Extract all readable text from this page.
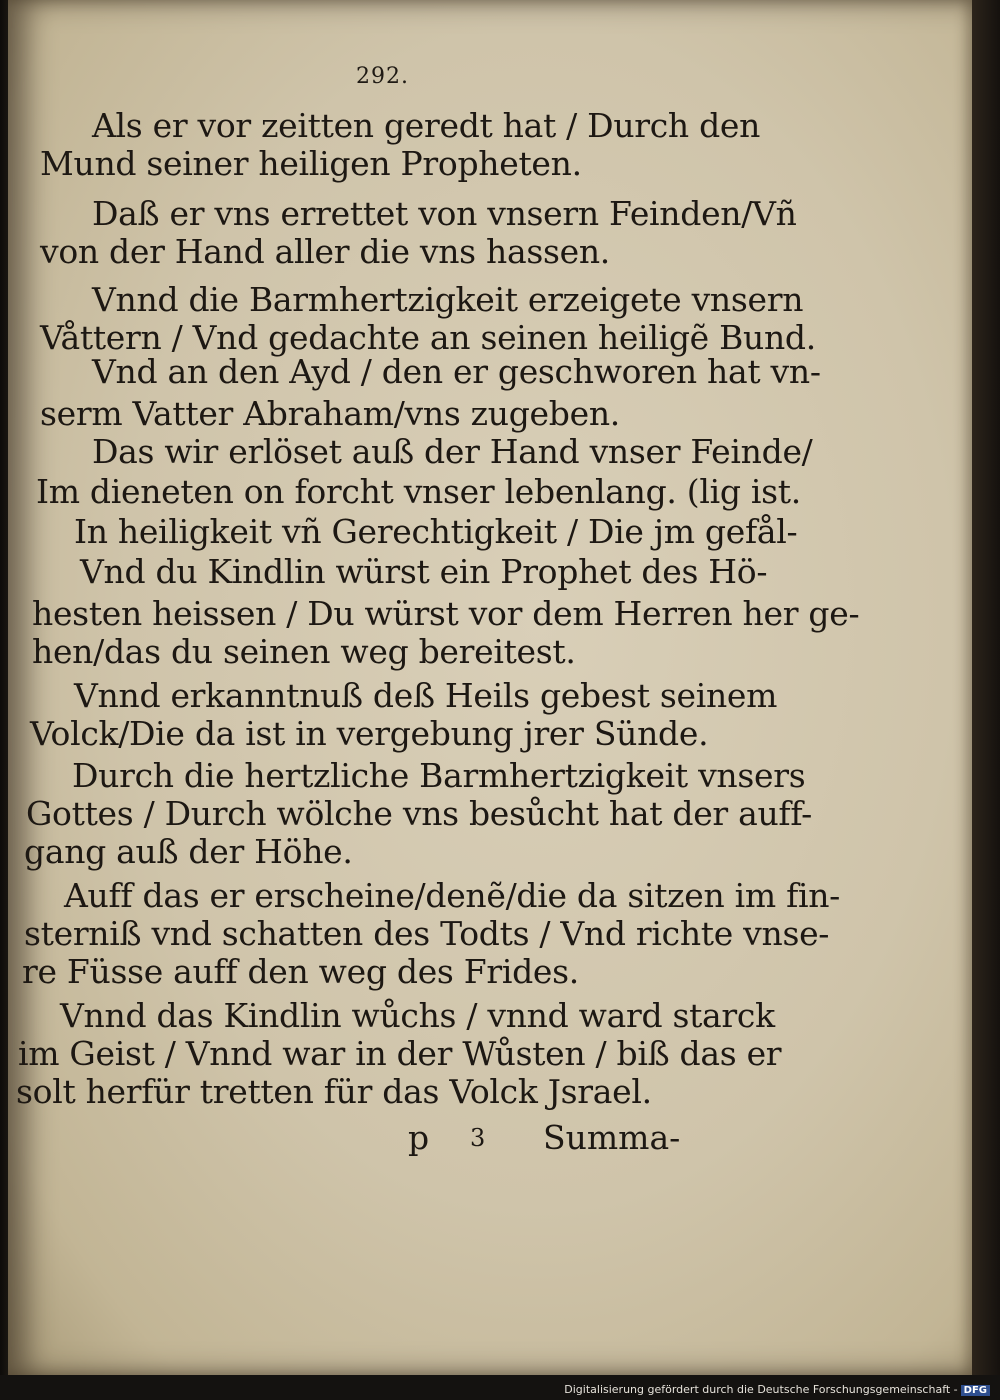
292.
Als er vor zeitten geredt hat / Durch den
Mund seiner heiligen Propheten.
Daß er vns errettet von vnsern Feinden/Vñ
von der Hand aller die vns hassen.
Vnnd die Barmhertzigkeit erzeigete vnsern
Våttern / Vnd gedachte an seinen heiligẽ Bund.
Vnd an den Ayd / den er geschworen hat vn-
serm Vatter Abraham/vns zugeben.
Das wir erlöset auß der Hand vnser Feinde/
Im dieneten on forcht vnser lebenlang. (lig ist.
In heiligkeit vñ Gerechtigkeit / Die jm gefål-
Vnd du Kindlin würst ein Prophet des Hö-
hesten heissen / Du würst vor dem Herren her ge-
hen/das du seinen weg bereitest.
Vnnd erkanntnuß deß Heils gebest seinem
Volck/Die da ist in vergebung jrer Sünde.
Durch die hertzliche Barmhertzigkeit vnsers
Gottes / Durch wölche vns besůcht hat der auff-
gang auß der Höhe.
Auff das er erscheine/denẽ/die da sitzen im fin-
sterniß vnd schatten des Todts / Vnd richte vnse-
re Füsse auff den weg des Frides.
Vnnd das Kindlin wůchs / vnnd ward starck
im Geist / Vnnd war in der Wůsten / biß das er
solt herfür tretten für das Volck Jsrael.
p 3 Summa-
Digitalisierung gefördert durch die Deutsche Forschungsgemeinschaft - DFG
